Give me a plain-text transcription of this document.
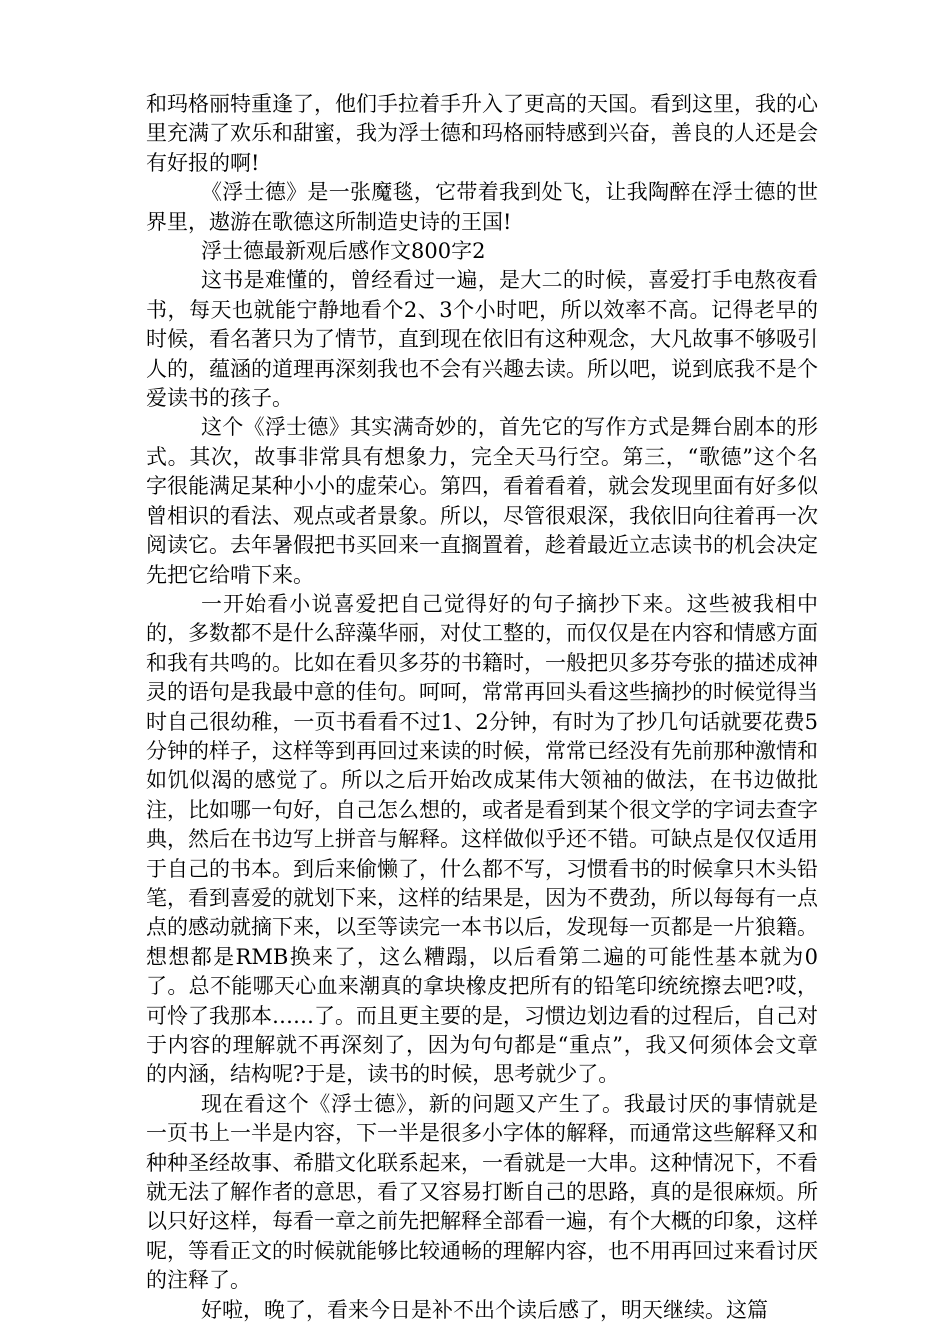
和玛格丽特重逢了，他们手拉着手升入了更高的天国。看到这里，我的心里充满了欢乐和甜蜜，我为浮士德和玛格丽特感到兴奋，善良的人还是会有好报的啊!

《浮士德》是一张魔毯，它带着我到处飞，让我陶醉在浮士德的世界里，遨游在歌德这所制造史诗的王国!

浮士德最新观后感作文800字2

这书是难懂的，曾经看过一遍，是大二的时候，喜爱打手电熬夜看书，每天也就能宁静地看个2、3个小时吧，所以效率不高。记得老早的时候，看名著只为了情节，直到现在依旧有这种观念，大凡故事不够吸引人的，蕴涵的道理再深刻我也不会有兴趣去读。所以吧，说到底我不是个爱读书的孩子。

这个《浮士德》其实满奇妙的，首先它的写作方式是舞台剧本的形式。其次，故事非常具有想象力，完全天马行空。第三，“歌德”这个名字很能满足某种小小的虚荣心。第四，看着看着，就会发现里面有好多似曾相识的看法、观点或者景象。所以，尽管很艰深，我依旧向往着再一次阅读它。去年暑假把书买回来一直搁置着，趁着最近立志读书的机会决定先把它给啃下来。

一开始看小说喜爱把自己觉得好的句子摘抄下来。这些被我相中的，多数都不是什么辞藻华丽，对仗工整的，而仅仅是在内容和情感方面和我有共鸣的。比如在看贝多芬的书籍时，一般把贝多芬夸张的描述成神灵的语句是我最中意的佳句。呵呵，常常再回头看这些摘抄的时候觉得当时自己很幼稚，一页书看看不过1、2分钟，有时为了抄几句话就要花费5分钟的样子，这样等到再回过来读的时候，常常已经没有先前那种激情和如饥似渴的感觉了。所以之后开始改成某伟大领袖的做法，在书边做批注，比如哪一句好，自己怎么想的，或者是看到某个很文学的字词去查字典，然后在书边写上拼音与解释。这样做似乎还不错。可缺点是仅仅适用于自己的书本。到后来偷懒了，什么都不写，习惯看书的时候拿只木头铅笔，看到喜爱的就划下来，这样的结果是，因为不费劲，所以每每有一点点的感动就摘下来，以至等读完一本书以后，发现每一页都是一片狼籍。想想都是RMB换来了，这么糟蹋，以后看第二遍的可能性基本就为0了。总不能哪天心血来潮真的拿块橡皮把所有的铅笔印统统擦去吧?哎，可怜了我那本……了。而且更主要的是，习惯边划边看的过程后，自己对于内容的理解就不再深刻了，因为句句都是“重点”，我又何须体会文章的内涵，结构呢?于是，读书的时候，思考就少了。

现在看这个《浮士德》，新的问题又产生了。我最讨厌的事情就是一页书上一半是内容，下一半是很多小字体的解释，而通常这些解释又和种种圣经故事、希腊文化联系起来，一看就是一大串。这种情况下，不看就无法了解作者的意思，看了又容易打断自己的思路，真的是很麻烦。所以只好这样，每看一章之前先把解释全部看一遍，有个大概的印象，这样呢，等看正文的时候就能够比较通畅的理解内容，也不用再回过来看讨厌的注释了。

好啦，晚了，看来今日是补不出个读后感了，明天继续。这篇
